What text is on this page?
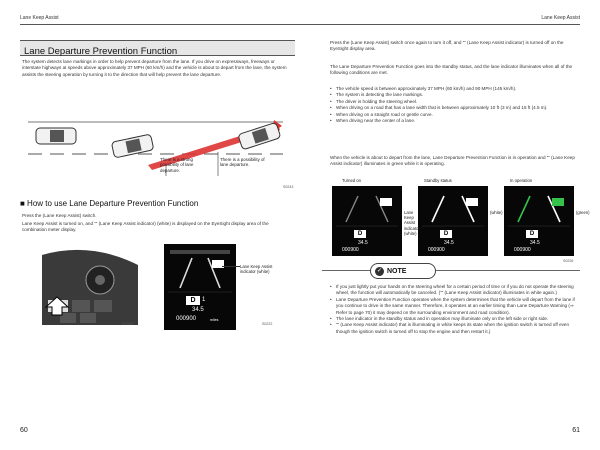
Lane Keep Assist	Lane Keep Assist
Lane Departure Prevention Function
The system detects lane markings in order to help prevent departure from the lane. If you drive on expressways, freeways or interstate highways at speeds above approximately 37 MPH (60 km/h) and the vehicle is about to depart from the lane, the system assists the steering operation by turning it to the direction that will help prevent the lane departure.
There is a strong possibility of lane departure.
There is a possibility of lane departure.
S0243
■ How to use Lane Departure Prevention Function
Press the (Lane Keep Assist) switch.
Lane Keep Assist is turned on, and “” (Lane Keep Assist indicator) (white) is displayed on the EyeSight display area of the combination meter display.
S02067
D	1
34.5
000900	miles
Lane Keep Assist indicator (white)
S0222
60
Press the (Lane Keep Assist) switch once again to turn it off, and “” (Lane Keep Assist indicator) is turned off on the EyeSight display area.
The Lane Departure Prevention Function goes into the standby status, and the lane indicator illuminates when all of the following conditions are met.
• The vehicle speed is between approximately 37 MPH (60 km/h) and 90 MPH (145 km/h).
• The system is detecting the lane markings.
• The driver is holding the steering wheel.
• When driving on a road that has a lane width that is between approximately 10 ft (3 m) and 15 ft (4.5 m).
• When driving on a straight road or gentle curve.
• When driving near the center of a lane.
When the vehicle is about to depart from the lane, Lane Departure Prevention Function is in operation and “” (Lane Keep Assist indicator) illuminates in green while it is operating.
Turned on	Standby status	In operation
D
34.5
000900
D
34.5
000900
D
34.5
000900
Lane Keep Assist indicator (white)
(white)	(green)
S0226
✓ NOTE
• If you just lightly put your hands on the steering wheel for a certain period of time or if you do not operate the steering wheel, the function will automatically be canceled. (“” (Lane Keep Assist indicator) illuminates in white again.)
• Lane Departure Prevention Function operates when the system determines that the vehicle will depart from the lane if you continue to drive in the same manner. Therefore, it operates at an earlier timing than Lane Departure Warning (⇒ Refer to page 70) it may depend on the surrounding environment and road condition).
• The lane indicator in the standby status and in operation may illuminate only on the left side or right side.
• “” (Lane Keep Assist indicator) that is illuminating in white keeps its state when the ignition switch is turned off even though the ignition switch is turned off to stop the engine and then restart it.)
61
